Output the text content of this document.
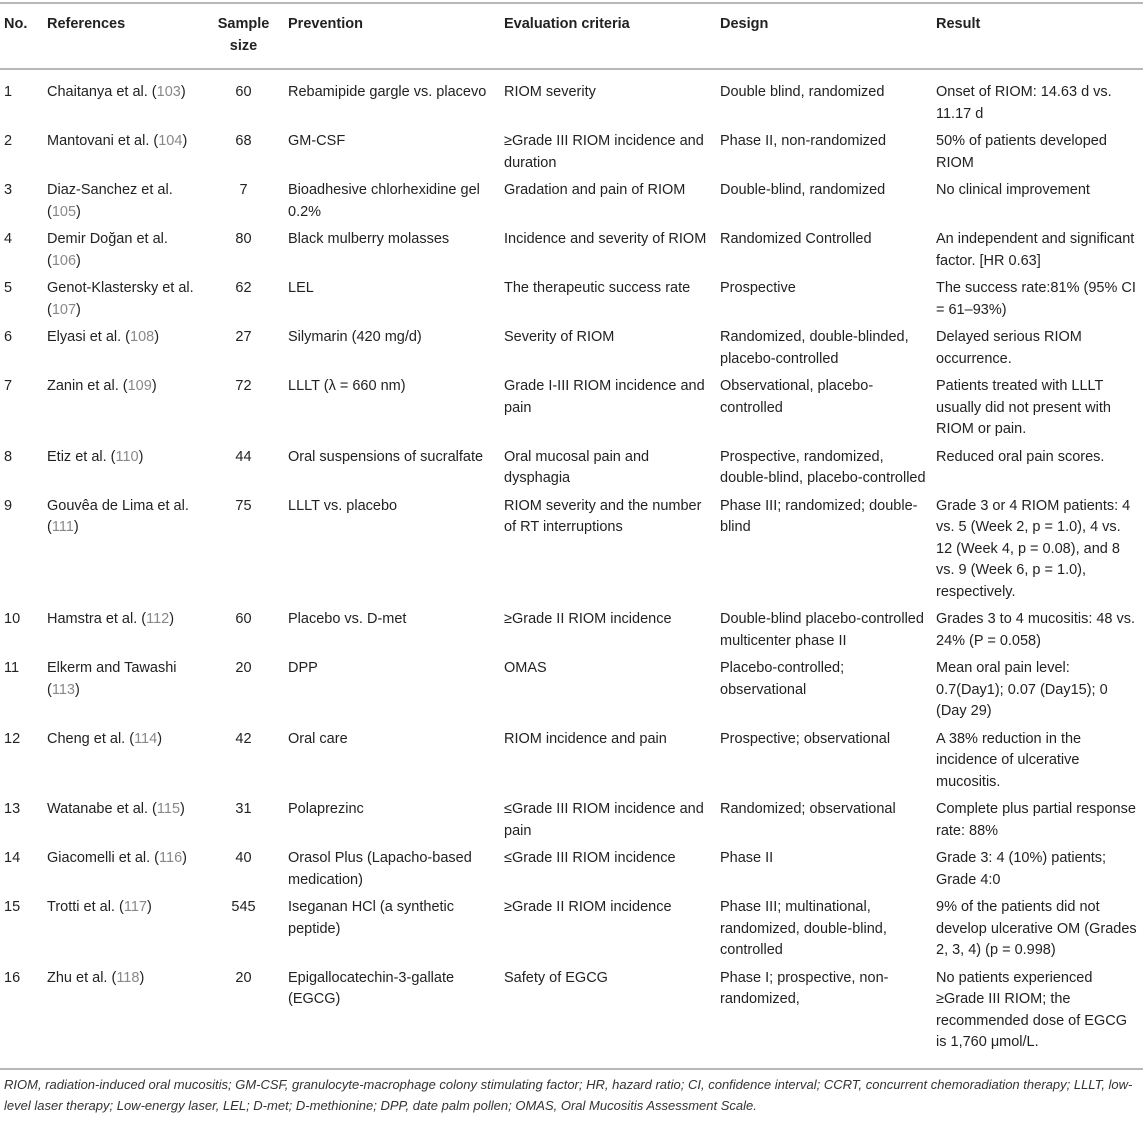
No.	References	Sample size	Prevention	Evaluation criteria	Design	Result
1	Chaitanya et al. (103)	60	Rebamipide gargle vs. placevo	RIOM severity	Double blind, randomized	Onset of RIOM: 14.63 d vs. 11.17 d
2	Mantovani et al. (104)	68	GM-CSF	≥Grade III RIOM incidence and duration	Phase II, non-randomized	50% of patients developed RIOM
3	Diaz-Sanchez et al. (105)	7	Bioadhesive chlorhexidine gel 0.2%	Gradation and pain of RIOM	Double-blind, randomized	No clinical improvement
4	Demir Doğan et al. (106)	80	Black mulberry molasses	Incidence and severity of RIOM	Randomized Controlled	An independent and significant factor. [HR 0.63]
5	Genot-Klastersky et al. (107)	62	LEL	The therapeutic success rate	Prospective	The success rate:81% (95% CI = 61–93%)
6	Elyasi et al. (108)	27	Silymarin (420 mg/d)	Severity of RIOM	Randomized, double-blinded, placebo-controlled	Delayed serious RIOM occurrence.
7	Zanin et al. (109)	72	LLLT (λ = 660 nm)	Grade I-III RIOM incidence and pain	Observational, placebo-controlled	Patients treated with LLLT usually did not present with RIOM or pain.
8	Etiz et al. (110)	44	Oral suspensions of sucralfate	Oral mucosal pain and dysphagia	Prospective, randomized, double-blind, placebo-controlled	Reduced oral pain scores.
9	Gouvêa de Lima et al. (111)	75	LLLT vs. placebo	RIOM severity and the number of RT interruptions	Phase III; randomized; double-blind	Grade 3 or 4 RIOM patients: 4 vs. 5 (Week 2, p = 1.0), 4 vs. 12 (Week 4, p = 0.08), and 8 vs. 9 (Week 6, p = 1.0), respectively.
10	Hamstra et al. (112)	60	Placebo vs. D-met	≥Grade II RIOM incidence	Double-blind placebo-controlled multicenter phase II	Grades 3 to 4 mucositis: 48 vs. 24% (P = 0.058)
11	Elkerm and Tawashi (113)	20	DPP	OMAS	Placebo-controlled; observational	Mean oral pain level: 0.7(Day1); 0.07 (Day15); 0 (Day 29)
12	Cheng et al. (114)	42	Oral care	RIOM incidence and pain	Prospective; observational	A 38% reduction in the incidence of ulcerative mucositis.
13	Watanabe et al. (115)	31	Polaprezinc	≤Grade III RIOM incidence and pain	Randomized; observational	Complete plus partial response rate: 88%
14	Giacomelli et al. (116)	40	Orasol Plus (Lapacho-based medication)	≤Grade III RIOM incidence	Phase II	Grade 3: 4 (10%) patients; Grade 4:0
15	Trotti et al. (117)	545	Iseganan HCl (a synthetic peptide)	≥Grade II RIOM incidence	Phase III; multinational, randomized, double-blind, controlled	9% of the patients did not develop ulcerative OM (Grades 2, 3, 4) (p = 0.998)
16	Zhu et al. (118)	20	Epigallocatechin-3-gallate (EGCG)	Safety of EGCG	Phase I; prospective, non-randomized,	No patients experienced ≥Grade III RIOM; the recommended dose of EGCG is 1,760 μmol/L.
RIOM, radiation-induced oral mucositis; GM-CSF, granulocyte-macrophage colony stimulating factor; HR, hazard ratio; CI, confidence interval; CCRT, concurrent chemoradiation therapy; LLLT, low-level laser therapy; Low-energy laser, LEL; D-met; D-methionine; DPP, date palm pollen; OMAS, Oral Mucositis Assessment Scale.
